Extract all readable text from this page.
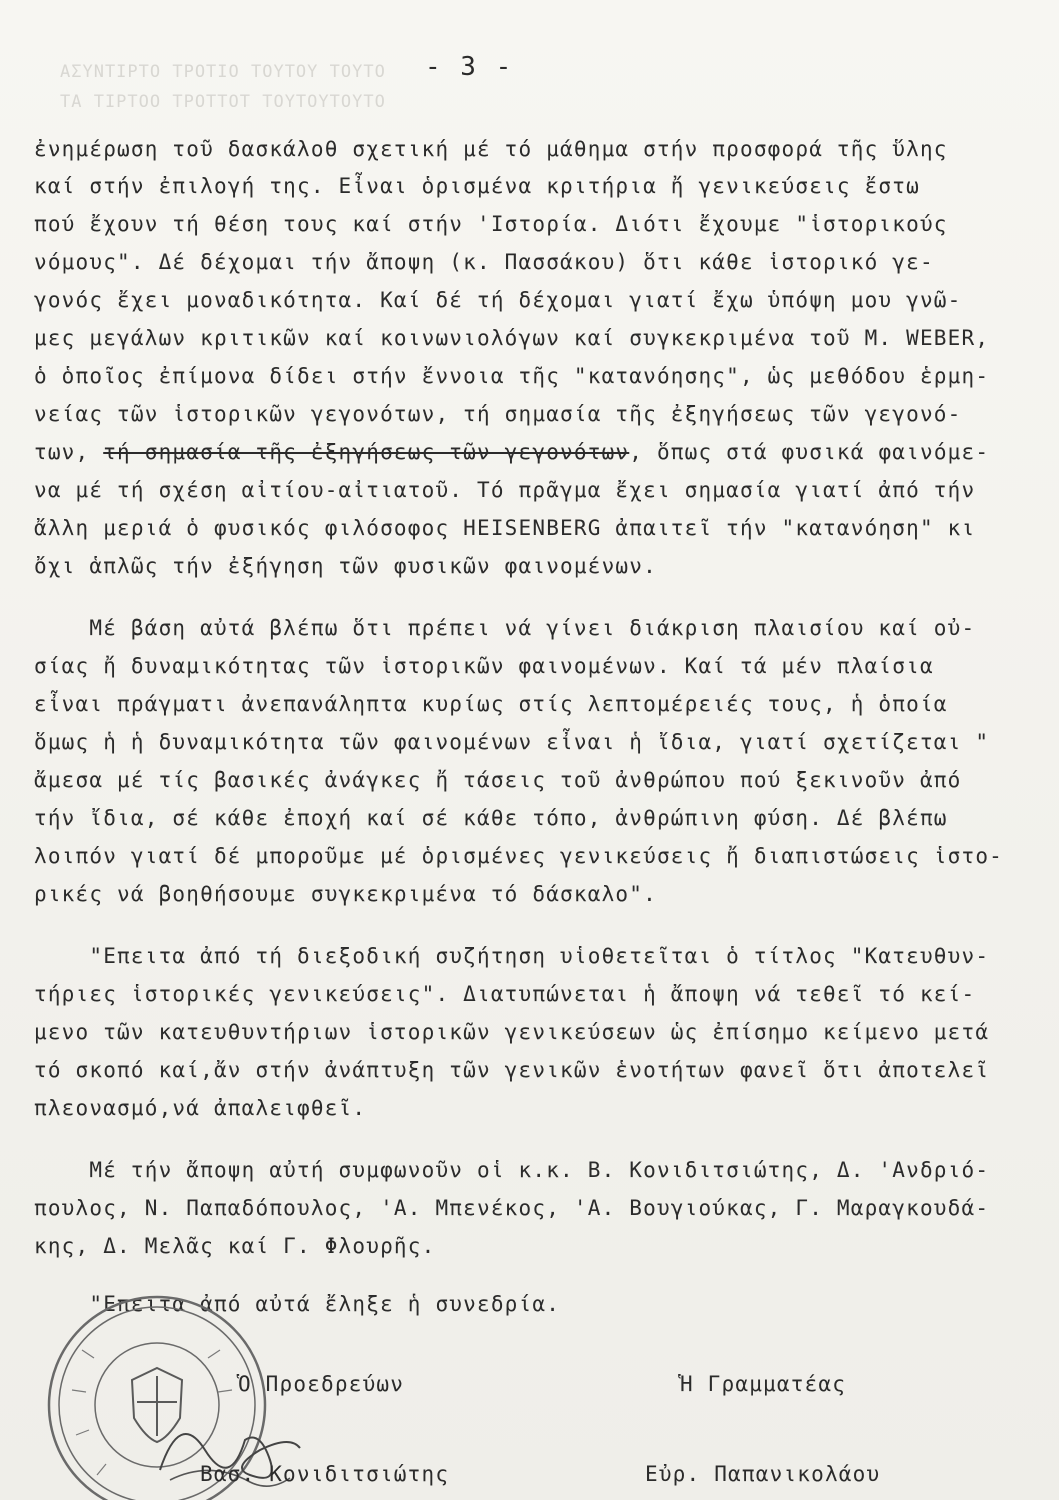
ΑΣΥΝΤΙΡΤΟ ΤΡΟΤΙΟ ΤΟΥΤΟΥ ΤΟΥΤΟ
ΤΑ ΤΙΡΤΟΟ ΤΡΟΤΤΟΤ ΤΟΥΤΟΥΤΟΥΤΟ
- 3 -
ἐνημέρωση τοῦ δασκάλοθ σχετική μέ τό μάθημα στήν προσφορά τῆς ὕλης
καί στήν ἐπιλογή της. Εἶναι ὁρισμένα κριτήρια ἤ γενικεύσεις ἔστω
πού ἔχουν τή θέση τους καί στήν 'Ιστορία. Διότι ἔχουμε "ἱστορικούς
νόμους". Δέ δέχομαι τήν ἄποψη (κ. Πασσάκου) ὅτι κάθε ἱστορικό γε-
γονός ἔχει μοναδικότητα. Καί δέ τή δέχομαι γιατί ἔχω ὑπόψη μου γνῶ-
μες μεγάλων κριτικῶν καί κοινωνιολόγων καί συγκεκριμένα τοῦ Μ. WEBER,
ὁ ὁποῖος ἐπίμονα δίδει στήν ἔννοια τῆς "κατανόησης", ὡς μεθόδου ἑρμη-
νείας τῶν ἱστορικῶν γεγονότων, τή σημασία τῆς ἐξηγήσεως τῶν γεγονό-
των, τή σημασία τῆς ἐξηγήσεως τῶν γεγονότων, ὅπως στά φυσικά φαινόμε-
να μέ τή σχέση αἰτίου-αἰτιατοῦ. Τό πρᾶγμα ἔχει σημασία γιατί ἀπό τήν
ἄλλη μεριά ὁ φυσικός φιλόσοφος HEISENBERG ἀπαιτεῖ τήν "κατανόηση" κι
ὄχι ἁπλῶς τήν ἐξήγηση τῶν φυσικῶν φαινομένων.
Μέ βάση αὐτά βλέπω ὅτι πρέπει νά γίνει διάκριση πλαισίου καί οὐ-
σίας ἤ δυναμικότητας τῶν ἱστορικῶν φαινομένων. Καί τά μέν πλαίσια
εἶναι πράγματι ἀνεπανάληπτα κυρίως στίς λεπτομέρειές τους, ἡ ὁποία
ὅμως ἡ ἡ δυναμικότητα τῶν φαινομένων εἶναι ἡ ἴδια, γιατί σχετίζεται "
ἄμεσα μέ τίς βασικές ἀνάγκες ἤ τάσεις τοῦ ἀνθρώπου πού ξεκινοῦν ἀπό
τήν ἴδια, σέ κάθε ἐποχή καί σέ κάθε τόπο, ἀνθρώπινη φύση. Δέ βλέπω
λοιπόν γιατί δέ μποροῦμε μέ ὁρισμένες γενικεύσεις ἤ διαπιστώσεις ἱστο-
ρικές νά βοηθήσουμε συγκεκριμένα τό δάσκαλο".
"Επειτα ἀπό τή διεξοδική συζήτηση υἱοθετεῖται ὁ τίτλος "Κατευθυν-
τήριες ἱστορικές γενικεύσεις". Διατυπώνεται ἡ ἄποψη νά τεθεῖ τό κεί-
μενο τῶν κατευθυντήριων ἱστορικῶν γενικεύσεων ὡς ἐπίσημο κείμενο μετά
τό σκοπό καί,ἄν στήν ἀνάπτυξη τῶν γενικῶν ἑνοτήτων φανεῖ ὅτι ἀποτελεῖ
πλεονασμό,νά ἀπαλειφθεῖ.
Μέ τήν ἄποψη αὐτή συμφωνοῦν οἱ κ.κ. Β. Κονιδιτσιώτης, Δ. 'Ανδριό-
πουλος, Ν. Παπαδόπουλος, 'Α. Μπενέκος, 'Α. Βουγιούκας, Γ. Μαραγκουδά-
κης, Δ. Μελᾶς καί Γ. Φλουρῆς.
"Επειτα ἀπό αὐτά ἔληξε ἡ συνεδρία.
Ὁ Προεδρεύων	Ἡ Γραμματέας
Βασ. Κονιδιτσιώτης	Εὐρ. Παπανικολάου
